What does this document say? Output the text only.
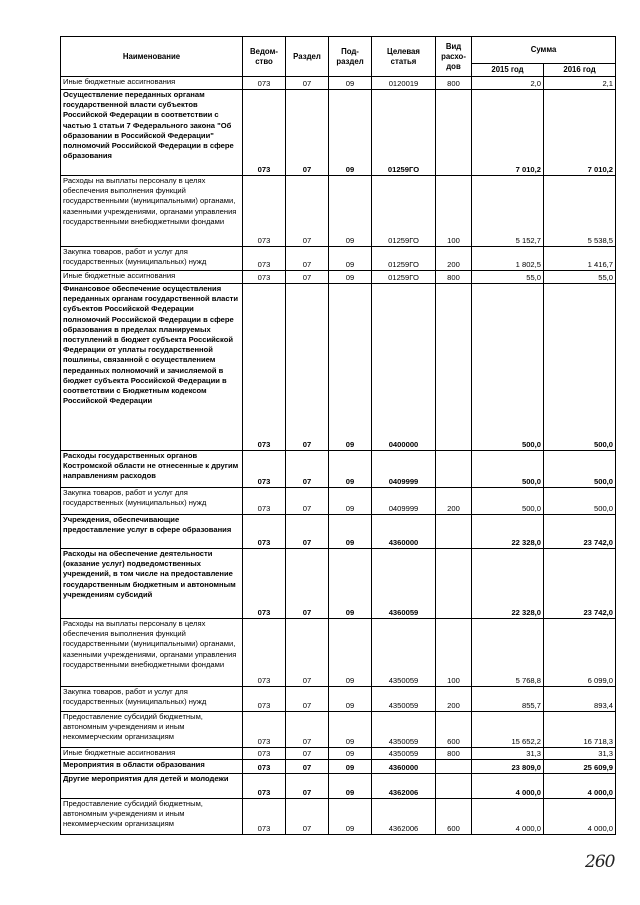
Наименование	Ведом-ство	Раздел	Под-раздел	Целевая статья	Вид расхо-дов	Сумма	
						2015 год	2016 год
Иные бюджетные ассигнования	073	07	09	0120019	800	2,0	2,1
Осуществление переданных органам государственной власти субъектов Российской Федерации в соответствии с частью 1 статьи 7 Федерального закона "Об образовании в Российской Федерации" полномочий Российской Федерации в сфере образования	073	07	09	01259ГО		7 010,2	7 010,2
Расходы на выплаты персоналу в целях обеспечения выполнения функций государственными (муниципальными) органами, казенными учреждениями, органами управления государственными внебюджетными фондами	073	07	09	01259ГО	100	5 152,7	5 538,5
Закупка товаров, работ и услуг для государственных (муниципальных) нужд	073	07	09	01259ГО	200	1 802,5	1 416,7
Иные бюджетные ассигнования	073	07	09	01259ГО	800	55,0	55,0
Финансовое обеспечение осуществления переданных органам государственной власти субъектов Российской Федерации полномочий Российской Федерации в сфере образования в пределах планируемых поступлений в бюджет субъекта Российской Федерации от уплаты государственной пошлины, связанной с осуществлением переданных полномочий и зачисляемой в бюджет субъекта Российской Федерации в соответствии с Бюджетным кодексом Российской Федерации	073	07	09	0400000		500,0	500,0
Расходы государственных органов Костромской области не отнесенные к другим направлениям расходов	073	07	09	0409999		500,0	500,0
Закупка товаров, работ и услуг для государственных (муниципальных) нужд	073	07	09	0409999	200	500,0	500,0
Учреждения, обеспечивающие предоставление услуг в сфере образования	073	07	09	4360000		22 328,0	23 742,0
Расходы на обеспечение деятельности (оказание услуг) подведомственных учреждений, в том числе на предоставление государственным бюджетным и автономным учреждениям субсидий	073	07	09	4360059		22 328,0	23 742,0
Расходы на выплаты персоналу в целях обеспечения выполнения функций государственными (муниципальными) органами, казенными учреждениями, органами управления государственными внебюджетными фондами	073	07	09	4350059	100	5 768,8	6 099,0
Закупка товаров, работ и услуг для государственных (муниципальных) нужд	073	07	09	4350059	200	855,7	893,4
Предоставление субсидий бюджетным, автономным учреждениям и иным некоммерческим организациям	073	07	09	4350059	600	15 652,2	16 718,3
Иные бюджетные ассигнования	073	07	09	4350059	800	31,3	31,3
Мероприятия в области образования	073	07	09	4360000		23 809,0	25 609,9
Другие мероприятия для детей и молодежи	073	07	09	4362006		4 000,0	4 000,0
Предоставление субсидий бюджетным, автономным учреждениям и иным некоммерческим организациям	073	07	09	4362006	600	4 000,0	4 000,0
260
